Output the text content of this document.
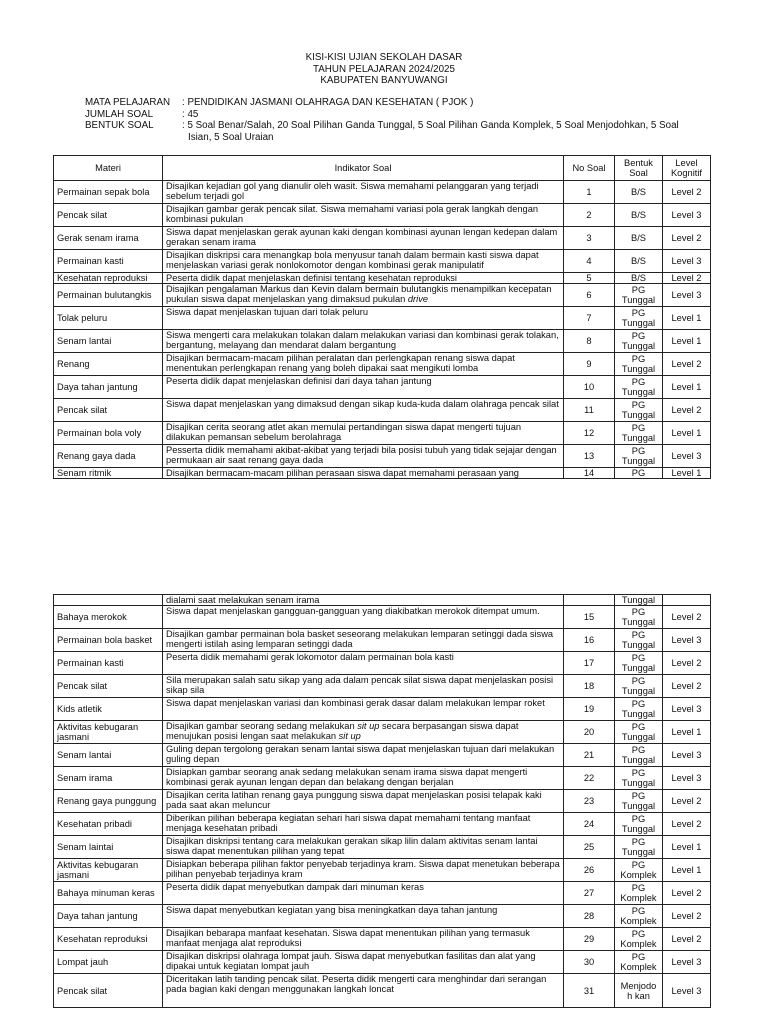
KISI-KISI UJIAN SEKOLAH DASAR
TAHUN PELAJARAN 2024/2025
KABUPATEN BANYUWANGI
MATA PELAJARAN	: PENDIDIKAN JASMANI OLAHRAGA DAN KESEHATAN ( PJOK )
JUMLAH SOAL	: 45
BENTUK SOAL	: 5 Soal Benar/Salah, 20 Soal Pilihan Ganda Tunggal, 5 Soal Pilihan Ganda Komplek, 5 Soal Menjodohkan, 5 Soal
Isian, 5 Soal Uraian
Materi	Indikator Soal	No Soal	Bentuk Soal	Level Kognitif
Permainan sepak bola	Disajikan kejadian gol yang dianulir oleh wasit. Siswa memahami pelanggaran yang terjadi sebelum terjadi gol	1	B/S	Level 2
Pencak silat	Disajikan gambar gerak pencak silat. Siswa memahami variasi pola gerak langkah dengan kombinasi pukulan	2	B/S	Level 3
Gerak senam irama	Siswa dapat menjelaskan gerak ayunan kaki dengan kombinasi ayunan lengan kedepan dalam gerakan senam irama	3	B/S	Level 2
Permainan kasti	Disajikan diskripsi cara menangkap bola menyusur tanah dalam bermain kasti siswa dapat menjelaskan variasi gerak nonlokomotor dengan kombinasi gerak manipulatif	4	B/S	Level 3
Kesehatan reproduksi	Peserta didik dapat menjelaskan definisi tentang kesehatan reproduksi	5	B/S	Level 2
Permainan bulutangkis	Disajikan pengalaman Markus dan Kevin dalam bermain bulutangkis menampilkan kecepatan pukulan siswa dapat menjelaskan yang dimaksud pukulan drive	6	PG Tunggal	Level 3
Tolak peluru	Siswa dapat menjelaskan tujuan dari tolak peluru	7	PG Tunggal	Level 1
Senam lantai	Siswa mengerti cara melakukan tolakan dalam melakukan variasi dan kombinasi gerak tolakan, bergantung, melayang dan mendarat dalam bergantung	8	PG Tunggal	Level 1
Renang	Disajikan bermacam-macam pilihan peralatan dan perlengkapan renang siswa dapat menentukan perlengkapan renang yang boleh dipakai saat mengikuti lomba	9	PG Tunggal	Level 2
Daya tahan jantung	Peserta didik dapat menjelaskan definisi dari daya tahan jantung	10	PG Tunggal	Level 1
Pencak silat	Siswa dapat menjelaskan yang dimaksud dengan sikap kuda-kuda dalam olahraga pencak silat	11	PG Tunggal	Level 2
Permainan bola voly	Disajikan cerita seorang atlet akan memulai pertandingan siswa dapat mengerti tujuan dilakukan pemansan sebelum berolahraga	12	PG Tunggal	Level 1
Renang gaya dada	Pesserta didik memahami akibat-akibat yang terjadi bila posisi tubuh yang tidak sejajar dengan permukaan air saat renang gaya dada	13	PG Tunggal	Level 3
Senam ritmik	Disajikan bermacam-macam pilihan perasaan siswa dapat memahami perasaan yang	14	PG	Level 1
	dialami saat melakukan senam irama		Tunggal	
Bahaya merokok	Siswa dapat menjelaskan gangguan-gangguan yang diakibatkan merokok ditempat umum.	15	PG Tunggal	Level 2
Permainan bola basket	Disajikan gambar permainan bola basket seseorang melakukan lemparan setinggi dada siswa mengerti istilah asing lemparan setinggi dada	16	PG Tunggal	Level 3
Permainan kasti	Peserta didik memahami gerak lokomotor dalam permainan bola kasti	17	PG Tunggal	Level 2
Pencak silat	Sila merupakan salah satu sikap yang ada dalam pencak silat siswa dapat menjelaskan posisi sikap sila	18	PG Tunggal	Level 2
Kids atletik	Siswa dapat menjelaskan variasi dan kombinasi gerak dasar dalam melakukan lempar roket	19	PG Tunggal	Level 3
Aktivitas kebugaran jasmani	Disajikan gambar seorang sedang melakukan sit up secara berpasangan siswa dapat menujukan posisi lengan saat melakukan sit up	20	PG Tunggal	Level 1
Senam lantai	Guling depan tergolong gerakan senam lantai siswa dapat menjelaskan tujuan dari melakukan guling depan	21	PG Tunggal	Level 3
Senam irama	Disiapkan gambar seorang anak sedang melakukan senam irama siswa dapat mengerti kombinasi gerak ayunan lengan depan dan belakang dengan berjalan	22	PG Tunggal	Level 3
Renang gaya punggung	Disajikan cerita latihan renang gaya punggung siswa dapat menjelaskan posisi telapak kaki pada saat akan meluncur	23	PG Tunggal	Level 2
Kesehatan pribadi	Diberikan pilihan beberapa kegiatan sehari hari siswa dapat memahami tentang manfaat menjaga kesehatan pribadi	24	PG Tunggal	Level 2
Senam laintai	Disajikan diskripsi tentang cara melakukan gerakan sikap lilin dalam aktivitas senam lantai siswa dapat menentukan pilihan yang tepat	25	PG Tunggal	Level 1
Aktivitas kebugaran jasmani	Disiapkan beberapa pilihan faktor penyebab terjadinya kram. Siswa dapat menetukan beberapa pilihan penyebab terjadinya kram	26	PG Komplek	Level 1
Bahaya minuman keras	Peserta didik dapat menyebutkan dampak dari minuman keras	27	PG Komplek	Level 2
Daya tahan jantung	Siswa dapat menyebutkan kegiatan yang bisa meningkatkan daya tahan jantung	28	PG Komplek	Level 2
Kesehatan reproduksi	Disajikan bebarapa manfaat kesehatan. Siswa dapat menentukan pilihan yang termasuk manfaat menjaga alat reproduksi	29	PG Komplek	Level 2
Lompat jauh	Disajikan diskripsi olahraga lompat jauh. Siswa dapat menyebutkan fasilitas dan alat yang dipakai untuk kegiatan lompat jauh	30	PG Komplek	Level 3
Pencak silat	Diceritakan latih tanding pencak silat. Peserta didik mengerti cara menghindar dari serangan pada bagian kaki dengan menggunakan langkah loncat	31	Menjodo h kan	Level 3
